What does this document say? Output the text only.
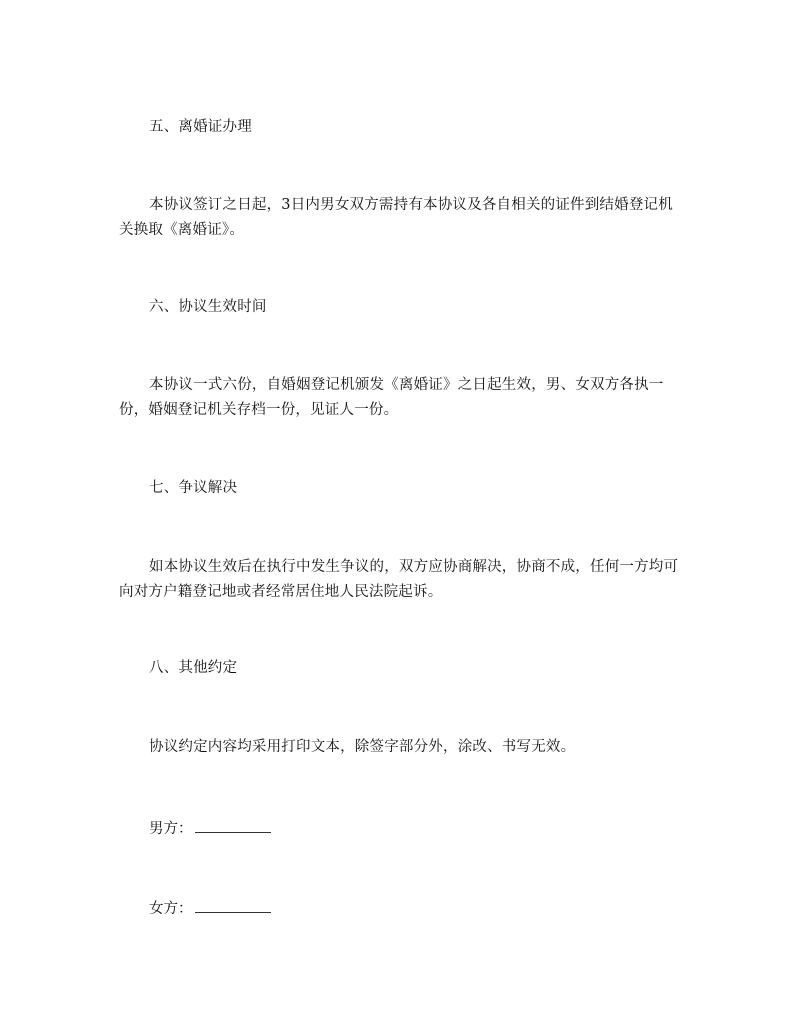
五、离婚证办理
本协议签订之日起，3日内男女双方需持有本协议及各自相关的证件到结婚登记机关换取《离婚证》。
六、协议生效时间
本协议一式六份，自婚姻登记机颁发《离婚证》之日起生效，男、女双方各执一份，婚姻登记机关存档一份，见证人一份。
七、争议解决
如本协议生效后在执行中发生争议的，双方应协商解决，协商不成，任何一方均可向对方户籍登记地或者经常居住地人民法院起诉。
八、其他约定
协议约定内容均采用打印文本，除签字部分外，涂改、书写无效。
男方：
女方：
